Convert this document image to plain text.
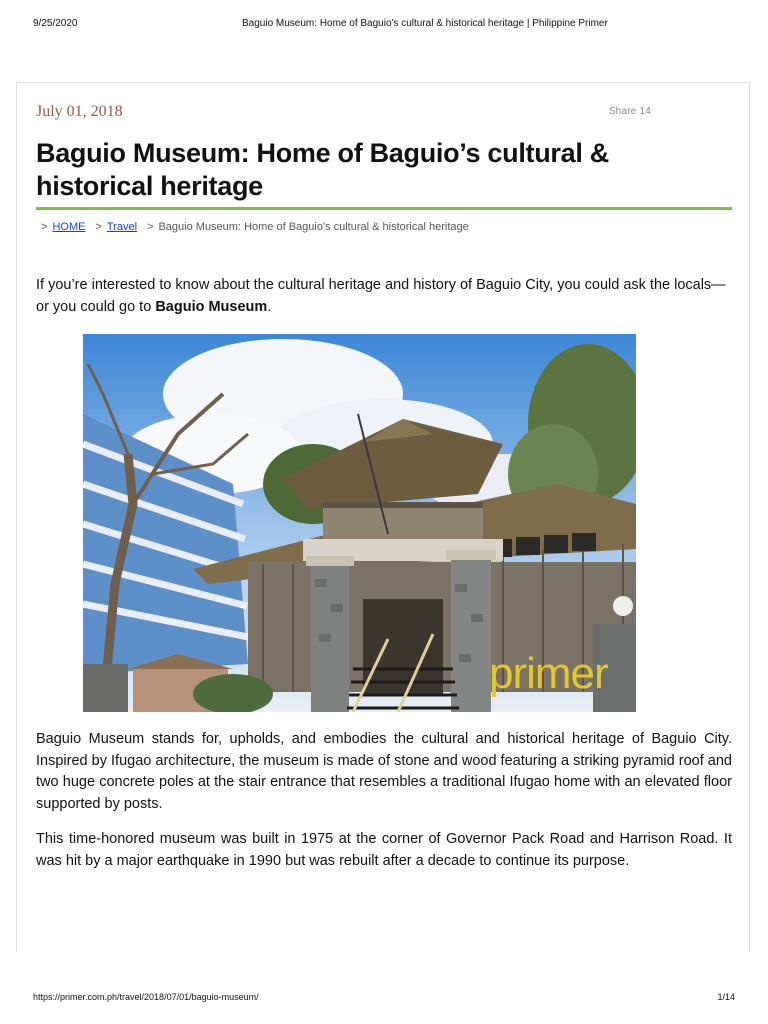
9/25/2020	Baguio Museum: Home of Baguio's cultural & historical heritage | Philippine Primer
July 01, 2018	Share 14
Baguio Museum: Home of Baguio’s cultural & historical heritage
> HOME > Travel > Baguio Museum: Home of Baguio's cultural & historical heritage

If you’re interested to know about the cultural heritage and history of Baguio City, you could ask the locals—or you could go to Baguio Museum.

primer

Baguio Museum stands for, upholds, and embodies the cultural and historical heritage of Baguio City. Inspired by Ifugao architecture, the museum is made of stone and wood featuring a striking pyramid roof and two huge concrete poles at the stair entrance that resembles a traditional Ifugao home with an elevated floor supported by posts.

This time-honored museum was built in 1975 at the corner of Governor Pack Road and Harrison Road. It was hit by a major earthquake in 1990 but was rebuilt after a decade to continue its purpose.

https://primer.com.ph/travel/2018/07/01/baguio-museum/	1/14
